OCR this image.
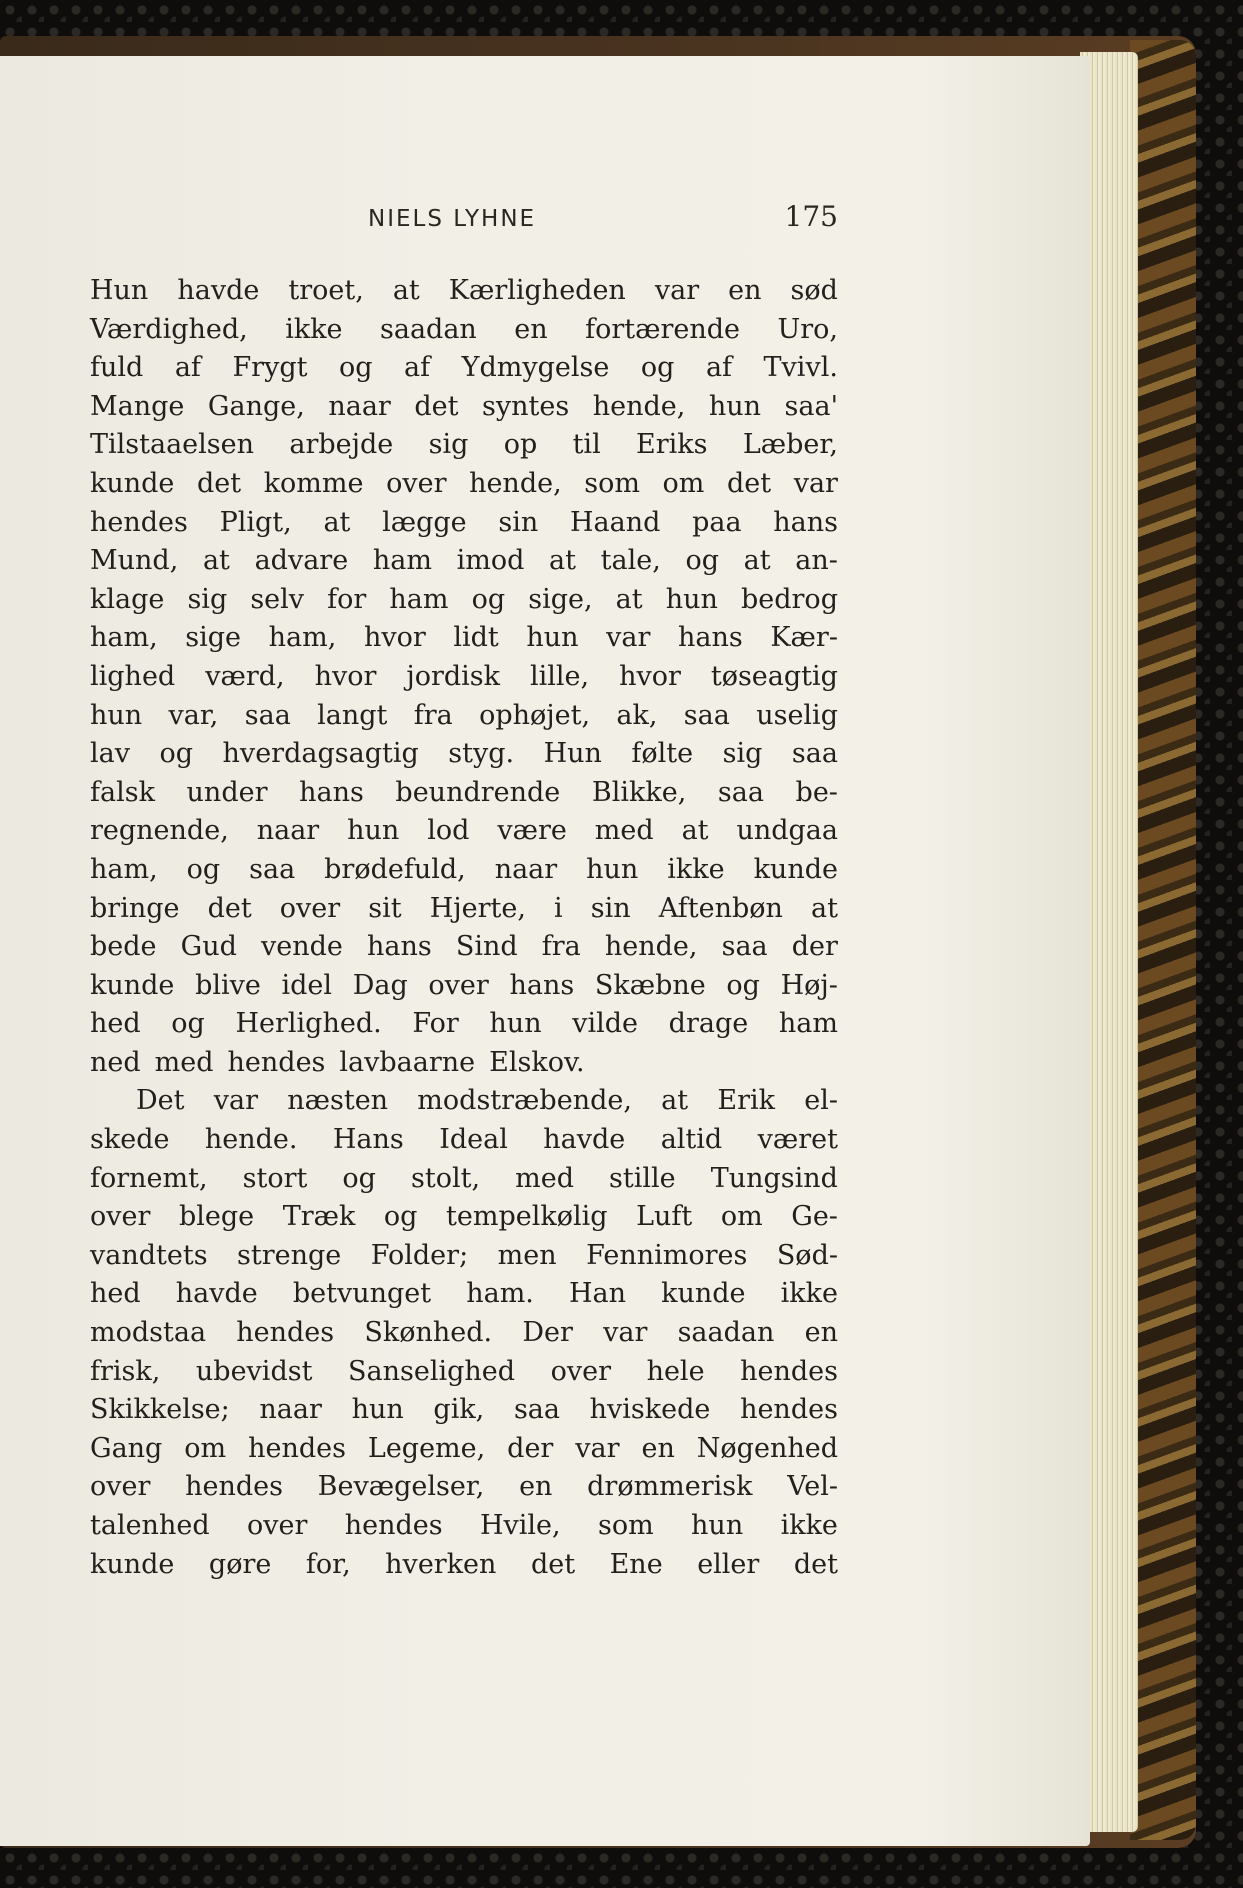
NIELS LYHNE	175
Hun havde troet, at Kærligheden var en sød
Værdighed, ikke saadan en fortærende Uro,
fuld af Frygt og af Ydmygelse og af Tvivl.
Mange Gange, naar det syntes hende, hun saa'
Tilstaaelsen arbejde sig op til Eriks Læber,
kunde det komme over hende, som om det var
hendes Pligt, at lægge sin Haand paa hans
Mund, at advare ham imod at tale, og at an-
klage sig selv for ham og sige, at hun bedrog
ham, sige ham, hvor lidt hun var hans Kær-
lighed værd, hvor jordisk lille, hvor tøseagtig
hun var, saa langt fra ophøjet, ak, saa uselig
lav og hverdagsagtig styg. Hun følte sig saa
falsk under hans beundrende Blikke, saa be-
regnende, naar hun lod være med at undgaa
ham, og saa brødefuld, naar hun ikke kunde
bringe det over sit Hjerte, i sin Aftenbøn at
bede Gud vende hans Sind fra hende, saa der
kunde blive idel Dag over hans Skæbne og Høj-
hed og Herlighed. For hun vilde drage ham
ned med hendes lavbaarne Elskov.
Det var næsten modstræbende, at Erik el-
skede hende. Hans Ideal havde altid været
fornemt, stort og stolt, med stille Tungsind
over blege Træk og tempelkølig Luft om Ge-
vandtets strenge Folder; men Fennimores Sød-
hed havde betvunget ham. Han kunde ikke
modstaa hendes Skønhed. Der var saadan en
frisk, ubevidst Sanselighed over hele hendes
Skikkelse; naar hun gik, saa hviskede hendes
Gang om hendes Legeme, der var en Nøgenhed
over hendes Bevægelser, en drømmerisk Vel-
talenhed over hendes Hvile, som hun ikke
kunde gøre for, hverken det Ene eller det
